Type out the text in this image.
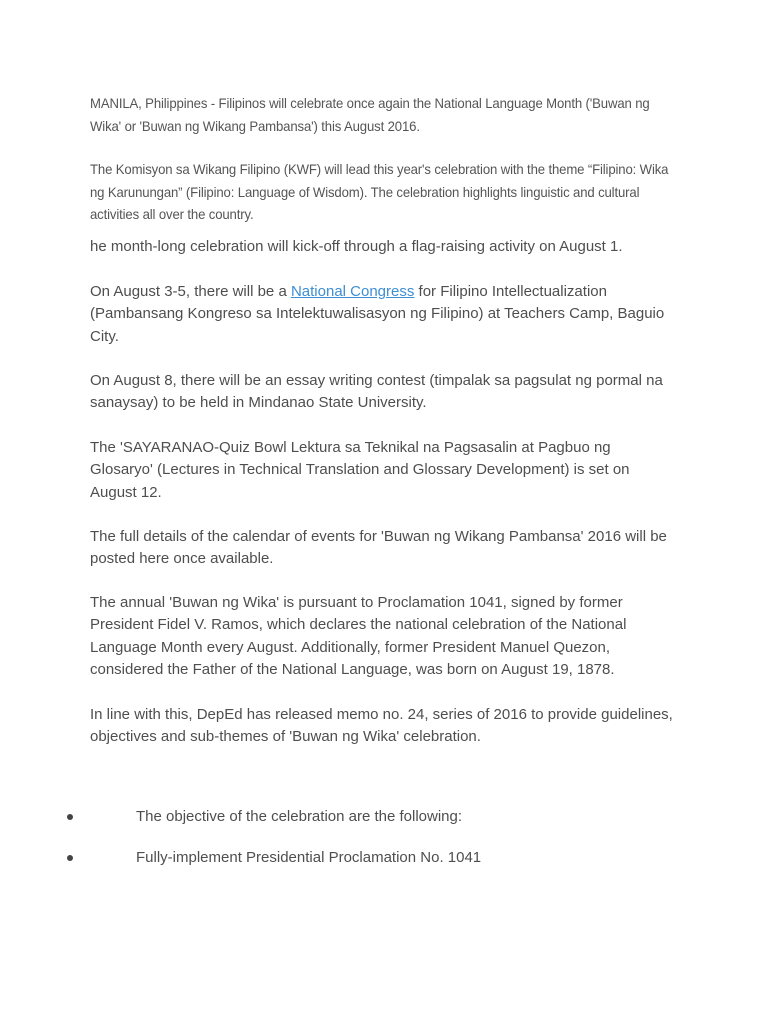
MANILA, Philippines - Filipinos will celebrate once again the National Language Month ('Buwan ng Wika' or 'Buwan ng Wikang Pambansa') this August 2016.

The Komisyon sa Wikang Filipino (KWF) will lead this year's celebration with the theme “Filipino: Wika ng Karunungan” (Filipino: Language of Wisdom). The celebration highlights linguistic and cultural activities all over the country.

he month-long celebration will kick-off through a flag-raising activity on August 1.

On August 3-5, there will be a National Congress for Filipino Intellectualization (Pambansang Kongreso sa Intelektuwalisasyon ng Filipino) at Teachers Camp, Baguio City.

On August 8, there will be an essay writing contest (timpalak sa pagsulat ng pormal na sanaysay) to be held in Mindanao State University.

The 'SAYARANAO-Quiz Bowl Lektura sa Teknikal na Pagsasalin at Pagbuo ng Glosaryo' (Lectures in Technical Translation and Glossary Development) is set on August 12.

The full details of the calendar of events for 'Buwan ng Wikang Pambansa' 2016 will be posted here once available.

The annual 'Buwan ng Wika' is pursuant to Proclamation 1041, signed by former President Fidel V. Ramos, which declares the national celebration of the National Language Month every August. Additionally, former President Manuel Quezon, considered the Father of the National Language, was born on August 19, 1878.

In line with this, DepEd has released memo no. 24, series of 2016 to provide guidelines, objectives and sub-themes of 'Buwan ng Wika' celebration.

The objective of the celebration are the following:
Fully-implement Presidential Proclamation No. 1041
